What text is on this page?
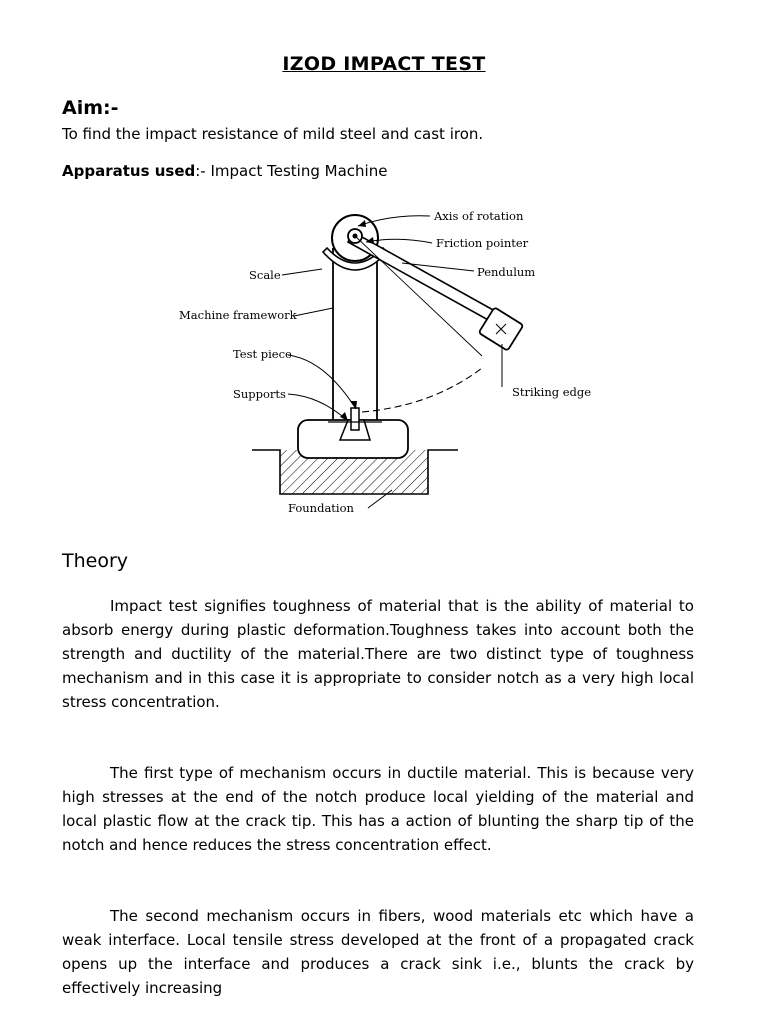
IZOD IMPACT TEST
Aim:-
To find the impact resistance of mild steel and cast iron.
Apparatus used:- Impact Testing Machine
Axis of rotation
Friction pointer
Pendulum
Scale
Machine framework
Test piece
Supports	Striking edge
Foundation
Theory

Impact test signifies toughness of material that is the ability of material to absorb energy during plastic deformation.Toughness takes into account both the strength and ductility of the material.There are two distinct type of toughness mechanism and in this case it is appropriate to consider notch as a very high local stress concentration.

The first type of mechanism occurs in ductile material. This is because very high stresses at the end of the notch produce local yielding of the material and local plastic flow at the crack tip. This has a action of blunting the sharp tip of the notch and hence reduces the stress concentration effect.

The second mechanism occurs in fibers, wood materials etc which have a weak interface. Local tensile stress developed at the front of a propagated crack opens up the interface and produces a crack sink i.e., blunts the crack by effectively increasing
